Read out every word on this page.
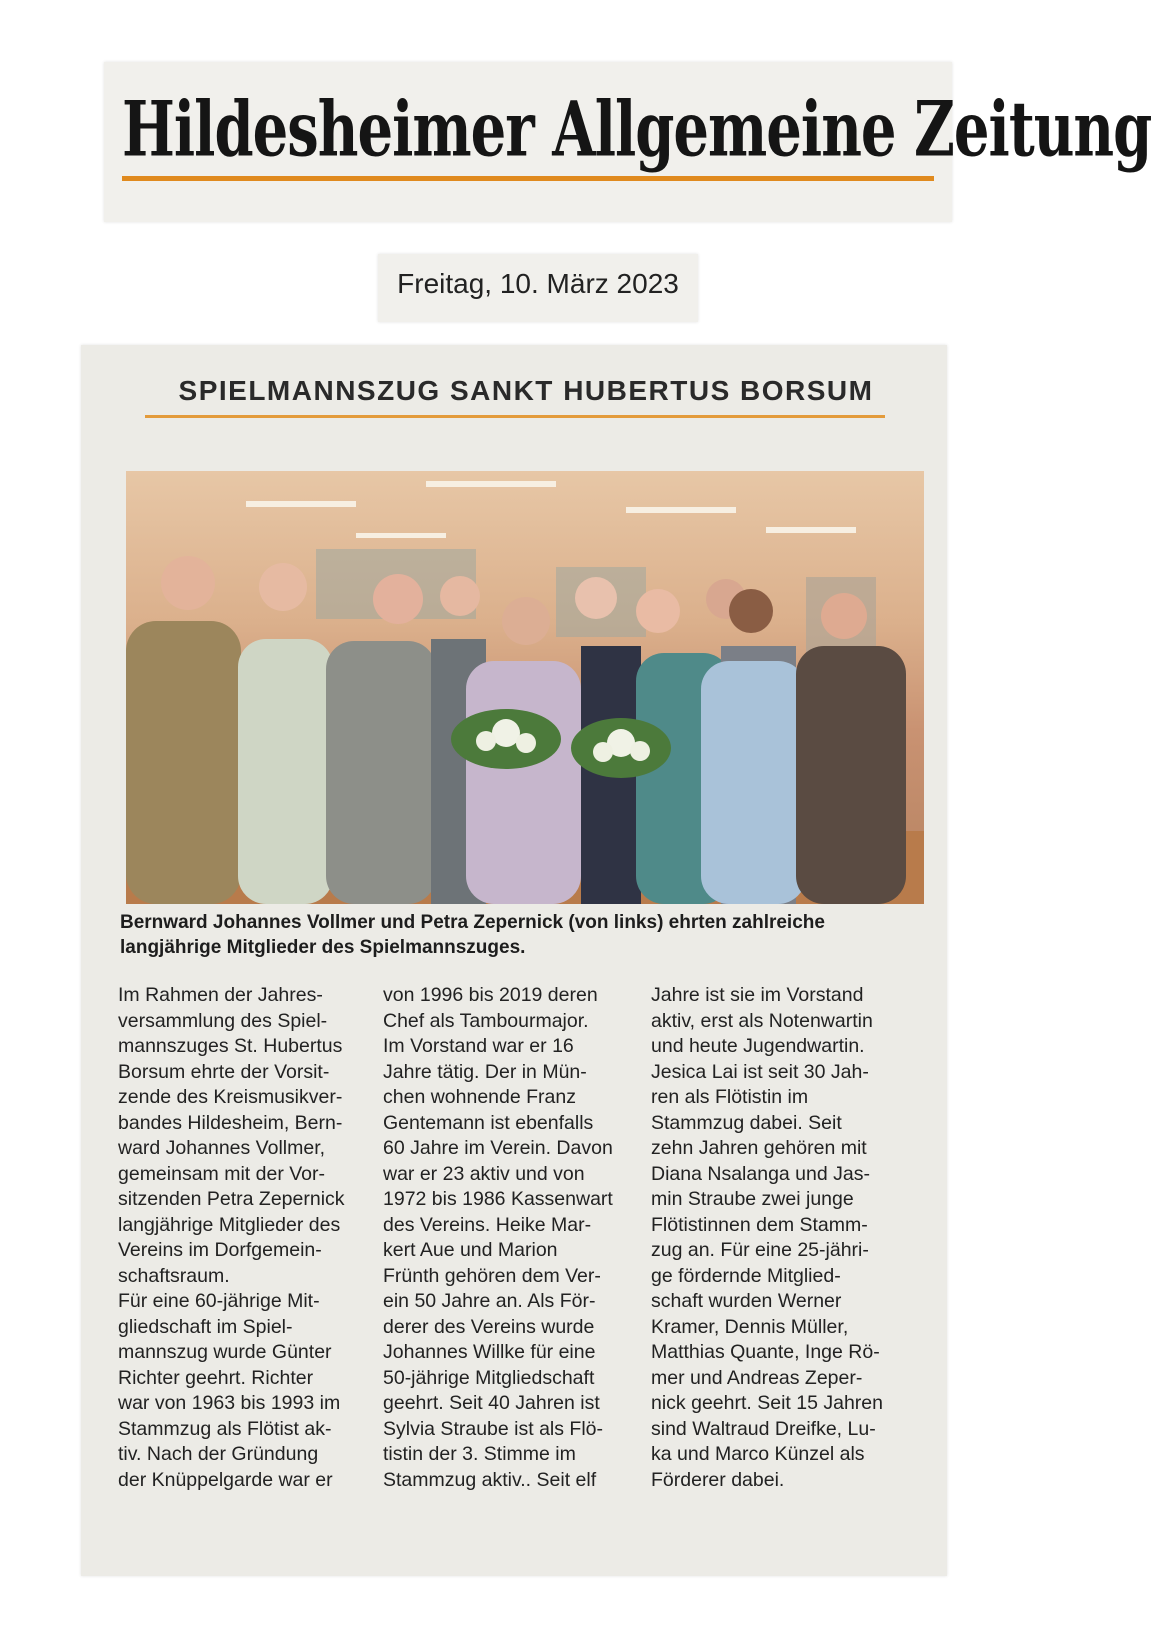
Hildesheimer Allgemeine Zeitung
Freitag, 10. März 2023
SPIELMANNSZUG SANKT HUBERTUS BORSUM
Bernward Johannes Vollmer und Petra Zepernick (von links) ehrten zahlreiche
langjährige Mitglieder des Spielmannszuges.
Im Rahmen der Jahres-
versammlung des Spiel-
mannszuges St. Hubertus
Borsum ehrte der Vorsit-
zende des Kreismusikver-
bandes Hildesheim, Bern-
ward Johannes Vollmer,
gemeinsam mit der Vor-
sitzenden Petra Zepernick
langjährige Mitglieder des
Vereins im Dorfgemein-
schaftsraum.
Für eine 60-jährige Mit-
gliedschaft im Spiel-
mannszug wurde Günter
Richter geehrt. Richter
war von 1963 bis 1993 im
Stammzug als Flötist ak-
tiv. Nach der Gründung
der Knüppelgarde war er
von 1996 bis 2019 deren
Chef als Tambourmajor.
Im Vorstand war er 16
Jahre tätig. Der in Mün-
chen wohnende Franz
Gentemann ist ebenfalls
60 Jahre im Verein. Davon
war er 23 aktiv und von
1972 bis 1986 Kassenwart
des Vereins. Heike Mar-
kert Aue und Marion
Frünth gehören dem Ver-
ein 50 Jahre an. Als För-
derer des Vereins wurde
Johannes Willke für eine
50-jährige Mitgliedschaft
geehrt. Seit 40 Jahren ist
Sylvia Straube ist als Flö-
tistin der 3. Stimme im
Stammzug aktiv.. Seit elf
Jahre ist sie im Vorstand
aktiv, erst als Notenwartin
und heute Jugendwartin.
Jesica Lai ist seit 30 Jah-
ren als Flötistin im
Stammzug dabei. Seit
zehn Jahren gehören mit
Diana Nsalanga und Jas-
min Straube zwei junge
Flötistinnen dem Stamm-
zug an. Für eine 25-jähri-
ge fördernde Mitglied-
schaft wurden Werner
Kramer, Dennis Müller,
Matthias Quante, Inge Rö-
mer und Andreas Zeper-
nick geehrt. Seit 15 Jahren
sind Waltraud Dreifke, Lu-
ka und Marco Künzel als
Förderer dabei.
